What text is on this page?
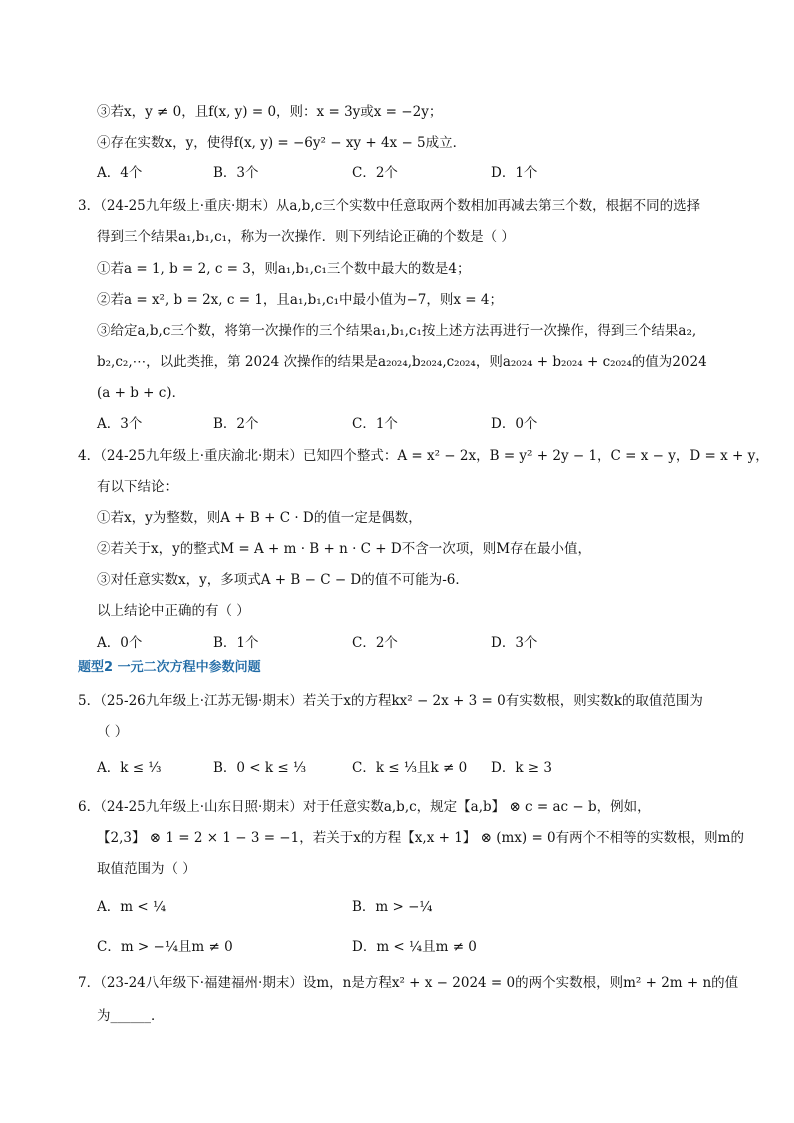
③若x，y ≠ 0，且f(x, y) = 0，则：x = 3y或x = −2y；
④存在实数x，y，使得f(x, y) = −6y² − xy + 4x − 5成立．
A．4个	B．3个	C．2个	D．1个
3．（24-25九年级上·重庆·期末）从a,b,c三个实数中任意取两个数相加再减去第三个数，根据不同的选择
得到三个结果a₁,b₁,c₁，称为一次操作．则下列结论正确的个数是（ ）
①若a = 1, b = 2, c = 3，则a₁,b₁,c₁三个数中最大的数是4；
②若a = x², b = 2x, c = 1，且a₁,b₁,c₁中最小值为−7，则x = 4；
③给定a,b,c三个数，将第一次操作的三个结果a₁,b₁,c₁按上述方法再进行一次操作，得到三个结果a₂,
b₂,c₂,⋯，以此类推，第 2024 次操作的结果是a₂₀₂₄,b₂₀₂₄,c₂₀₂₄，则a₂₀₂₄ + b₂₀₂₄ + c₂₀₂₄的值为2024
(a + b + c)．
A．3个	B．2个	C．1个	D．0个
4．（24-25九年级上·重庆渝北·期末）已知四个整式：A = x² − 2x，B = y² + 2y − 1，C = x − y，D = x + y，
有以下结论：
①若x，y为整数，则A + B + C · D的值一定是偶数，
②若关于x，y的整式M = A + m · B + n · C + D不含一次项，则M存在最小值，
③对任意实数x，y，多项式A + B − C − D的值不可能为-6．
以上结论中正确的有（ ）
A．0个	B．1个	C．2个	D．3个
题型2 一元二次方程中参数问题
5．（25-26九年级上·江苏无锡·期末）若关于x的方程kx² − 2x + 3 = 0有实数根，则实数k的取值范围为
（ ）
A．k ≤ ⅓	B．0 < k ≤ ⅓	C．k ≤ ⅓且k ≠ 0 D．k ≥ 3
6．（24-25九年级上·山东日照·期末）对于任意实数a,b,c，规定【a,b】 ⊗ c = ac − b，例如，
【2,3】 ⊗ 1 = 2 × 1 − 3 = −1，若关于x的方程【x,x + 1】 ⊗ (mx) = 0有两个不相等的实数根，则m的
取值范围为（ ）
A．m < ¼	B．m > −¼
C．m > −¼且m ≠ 0	D．m < ¼且m ≠ 0
7．（23-24八年级下·福建福州·期末）设m，n是方程x² + x − 2024 = 0的两个实数根，则m² + 2m + n的值
为______．
